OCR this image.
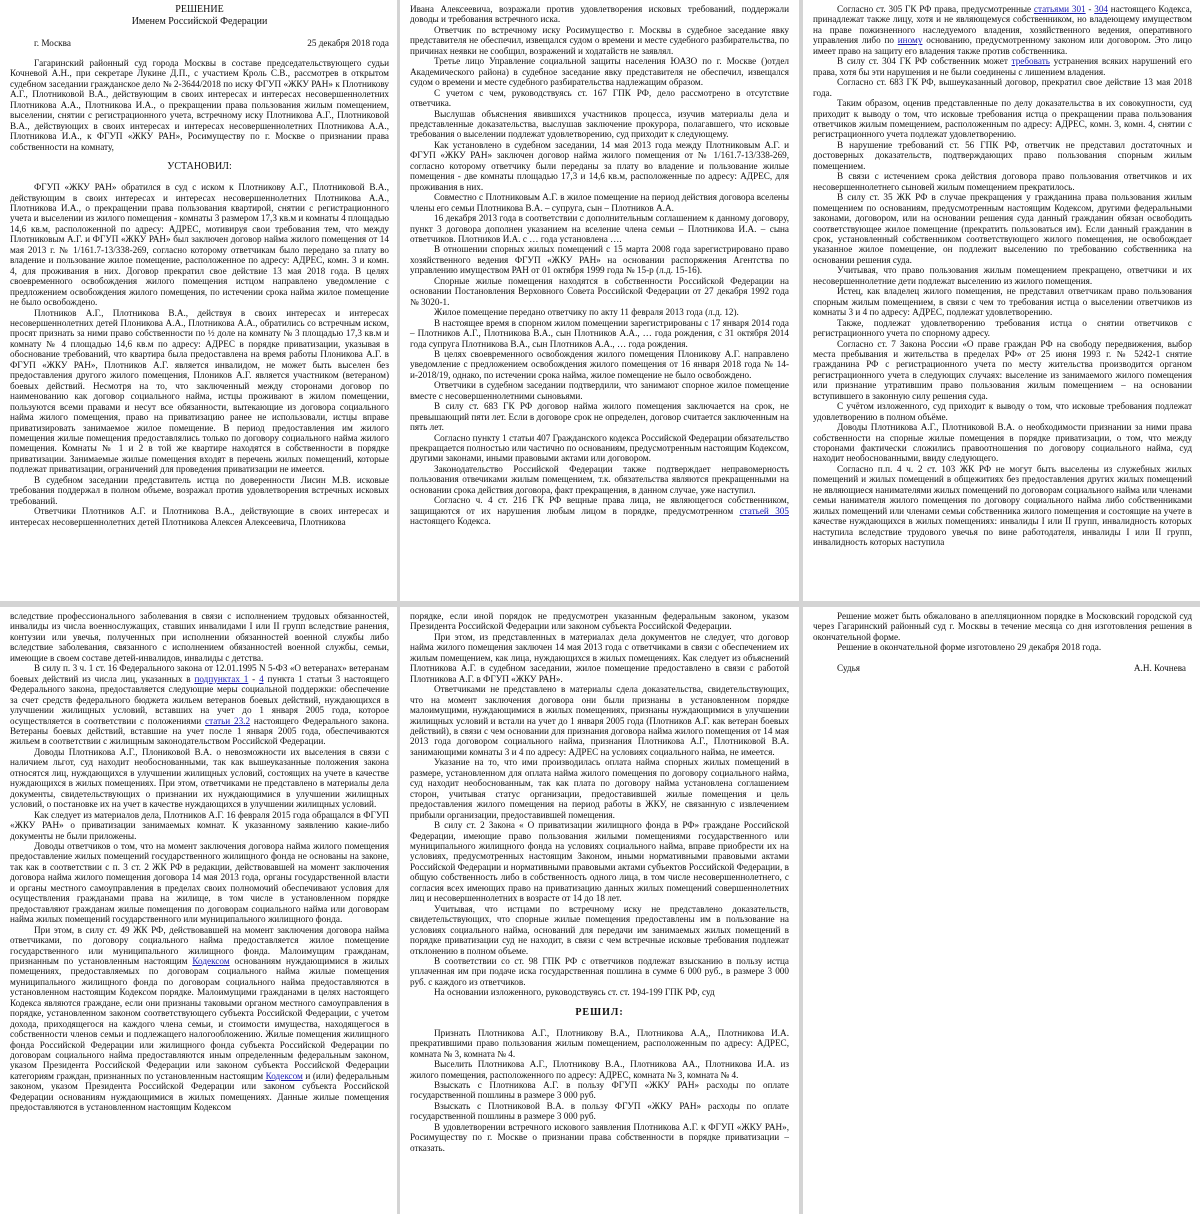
РЕШЕНИЕ

Именем Российской Федерации

г. Москва	25 декабря 2018 года

Гагаринский районный суд города Москвы в составе председательствующего судьи Кочневой А.Н., при секретаре Лукине Д.П., с участием Кроль С.В., рассмотрев в открытом судебном заседании гражданское дело № 2-3644/2018 по иску ФГУП «ЖКУ РАН» к Плотникову А.Г., Плотниковой В.А., действующим в своих интересах и интересах несовершеннолетних Плотникова А.А., Плотникова И.А., о прекращении права пользования жилым помещением, выселении, снятии с регистрационного учета, встречному иску Плотникова А.Г., Плотниковой В.А., действующих в своих интересах и интересах несовершеннолетних Плотникова А.А., Плотникова И.А., к ФГУП «ЖКУ РАН», Росимуществу по г. Москве о признании права собственности на комнату,

УСТАНОВИЛ:

ФГУП «ЖКУ РАН» обратился в суд с иском к Плотникову А.Г., Плотниковой В.А., действующим в своих интересах и интересах несовершеннолетних Плотникова А.А., Плотникова И.А., о прекращении права пользования квартирой, снятии с регистрационного учета и выселении из жилого помещения - комнаты 3 размером 17,3 кв.м и комнаты 4 площадью 14,6 кв.м, расположенной по адресу: АДРЕС, мотивируя свои требования тем, что между Плотниковым А.Г. и ФГУП «ЖКУ РАН» был заключен договор найма жилого помещения от 14 мая 2013 г. № 1/161.7-13/338-269, согласно которому ответчикам было передано за плату во владение и пользование жилое помещение, расположенное по адресу: АДРЕС, комн. 3 и комн. 4, для проживания в них. Договор прекратил свое действие 13 мая 2018 года. В целях своевременного освобождения жилого помещения истцом направлено уведомление с предложением освобождения жилого помещения, по истечении срока найма жилое помещение не было освобождено.

Плотников А.Г., Плотникова В.А., действуя в своих интересах и интересах несовершеннолетних детей Плоникова А.А., Плотникова А.А., обратились со встречным иском, просят признать за ними право собственности по ½ доле на комнату № 3 площадью 17,3 кв.м и комнату № 4 площадью 14,6 кв.м по адресу: АДРЕС в порядке приватизации, указывая в обоснование требований, что квартира была предоставлена на время работы Плоникова А.Г. в ФГУП «ЖКУ РАН», Плотников А.Г. является инвалидом, не может быть выселен без предоставления другого жилого помещения, Плоников А.Г. является участником (ветераном) боевых действий. Несмотря на то, что заключенный между сторонами договор по наименованию как договор социального найма, истцы проживают в жилом помещении, пользуются всеми правами и несут все обязанности, вытекающие из договора социального найма жилого помещения, право на приватизацию ранее не использовали, истцы вправе приватизировать занимаемое жилое помещение. В период предоставления им жилого помещения жилые помещения предоставлялись только по договору социального найма жилого помещения. Комнаты № 1 и 2 в той же квартире находятся в собственности в порядке приватизации. Занимаемые жилые помещения входят в перечень жилых помещений, которые подлежат приватизации, ограничений для проведения приватизации не имеется.

В судебном заседании представитель истца по доверенности Лисин М.В. исковые требования поддержал в полном объеме, возражал против удовлетворения встречных исковых требований.

Ответчики Плотников А.Г. и Плотникова В.А., действующие в своих интересах и интересах несовершеннолетних детей Плотникова Алексея Алексеевича, Плотникова

Ивана Алексеевича, возражали против удовлетворения исковых требований, поддержали доводы и требования встречного иска.

Ответчик по встречному иску Росимущество г. Москвы в судебное заседание явку представителя не обеспечил, извещался судом о времени и месте судебного разбирательства, по причинах неявки не сообщил, возражений и ходатайств не заявлял.

Третье лицо Управление социальной защиты населения ЮАЗО по г. Москве ()отдел Академического района) в судебное заседание явку представителя не обеспечил, извещался судом о времени и месте судебного разбирательства надлежащим образом.

С учетом с чем, руководствуясь ст. 167 ГПК РФ, дело рассмотрено в отсутствие ответчика.

Выслушав объяснения явившихся участников процесса, изучив материалы дела и представленные доказательства, выслушав заключение прокурора, полагавшего, что исковые требования о выселении подлежат удовлетворению, суд приходит к следующему.

Как установлено в судебном заседании, 14 мая 2013 года между Плотниковым А.Г. и ФГУП «ЖКУ РАН» заключен договор найма жилого помещения от № 1/161.7-13/338-269, согласно которому ответчику были переданы за плату во владение и пользование жилые помещения - две комнаты площадью 17,3 и 14,6 кв.м, расположенные по адресу: АДРЕС, для проживания в них.

Совместно с Плотниковым А.Г. в жилое помещение на период действия договора вселены члены его семьи Плотникова В.А. – супруга, сын – Плотников А.А.

16 декабря 2013 года в соответствии с дополнительным соглашением к данному договору, пункт 3 договора дополнен указанием на вселение члена семьи – Плотникова И.А. – сына ответчиков. Плотников И.А. с … года установлена ….

В отношении спорных жилых помещений с 15 марта 2008 года зарегистрировано право хозяйственного ведения ФГУП «ЖКУ РАН» на основании распоряжения Агентства по управлению имуществом РАН от 01 октября 1999 года № 15-р (л.д. 15-16).

Спорные жилые помещения находятся в собственности Российской Федерации на основании Постановления Верховного Совета Российской Федерации от 27 декабря 1992 года № 3020-1.

Жилое помещение передано ответчику по акту 11 февраля 2013 года (л.д. 12).

В настоящее время в спорном жилом помещении зарегистрированы с 17 января 2014 года – Плотников А.Г., Плотникова В.А., сын Плотников А.А., … года рождения, с 31 октября 2014 года супруга Плотникова В.А., сын Плотников А.А., … года рождения.

В целях своевременного освобождения жилого помещения Плоникову А.Г. направлено уведомление с предложением освобождения жилого помещения от 16 января 2018 года № 14-и-2018/19, однако, по истечении срока найма, жилое помещение не было освобождено.

Ответчики в судебном заседании подтвердили, что занимают спорное жилое помещение вместе с несовершеннолетними сыновьями.

В силу ст. 683 ГК РФ договор найма жилого помещения заключается на срок, не превышающий пяти лет. Если в договоре срок не определен, договор считается заключенным на пять лет.

Согласно пункту 1 статьи 407 Гражданского кодекса Российской Федерации обязательство прекращается полностью или частично по основаниям, предусмотренным настоящим Кодексом, другими законами, иными правовыми актами или договором.

Законодательство Российской Федерации также подтверждает неправомерность пользования отвечиками жилым помещением, т.к. обязательства являются прекращенными на основании срока действия договора, факт прекращения, в данном случае, уже наступил.

Согласно ч. 4 ст. 216 ГК РФ вещные права лица, не являющегося собственником, защищаются от их нарушения любым лицом в порядке, предусмотренном статьей 305 настоящего Кодекса.

Согласно ст. 305 ГК РФ права, предусмотренные статьями 301 - 304 настоящего Кодекса, принадлежат также лицу, хотя и не являющемуся собственником, но владеющему имуществом на праве пожизненного наследуемого владения, хозяйственного ведения, оперативного управления либо по иному основанию, предусмотренному законом или договором. Это лицо имеет право на защиту его владения также против собственника.

В силу ст. 304 ГК РФ собственник может требовать устранения всяких нарушений его права, хотя бы эти нарушения и не были соединены с лишением владения.

Согласно ст. 683 ГК РФ, вышеуказанный договор, прекратил свое действие 13 мая 2018 года.

Таким образом, оценив представленные по делу доказательства в их совокупности, суд приходит к выводу о том, что исковые требования истца о прекращении права пользования ответчиков жилым помещением, расположенным по адресу: АДРЕС, комн. 3, комн. 4, снятии с регистрационного учета подлежат удовлетворению.

В нарушение требований ст. 56 ГПК РФ, ответчик не представил достаточных и достоверных доказательств, подтверждающих право пользования спорным жилым помещением.

В связи с истечением срока действия договора право пользования ответчиков и их несовершеннолетнего сыновей жилым помещением прекратилось.

В силу ст. 35 ЖК РФ в случае прекращения у гражданина права пользования жилым помещением по основаниям, предусмотренным настоящим Кодексом, другими федеральными законами, договором, или на основании решения суда данный гражданин обязан освободить соответствующее жилое помещение (прекратить пользоваться им). Если данный гражданин в срок, установленный собственником соответствующего жилого помещения, не освобождает указанное жилое помещение, он подлежит выселению по требованию собственника на основании решения суда.

Учитывая, что право пользования жилым помещением прекращено, ответчики и их несовершеннолетние дети подлежат выселению из жилого помещения.

Истец, как владелец жилого помещения, не представил ответчикам право пользования спорным жилым помещением, в связи с чем то требования истца о выселении ответчиков из комнаты 3 и 4 по адресу: АДРЕС, подлежат удовлетворению.

Также, подлежат удовлетворению требования истца о снятии ответчиков с регистрационного учета по спорному адресу.

Согласно ст. 7 Закона России «О праве граждан РФ на свободу передвижения, выбор места пребывания и жительства в пределах РФ» от 25 июня 1993 г. № 5242-1 снятие гражданина РФ с регистрационного учета по месту жительства производится органом регистрационного учета в следующих случаях: выселение из занимаемого жилого помещения или признание утратившим право пользования жилым помещением – на основании вступившего в законную силу решения суда.

С учётом изложенного, суд приходит к выводу о том, что исковые требования подлежат удовлетворению в полном объёме.

Доводы Плотникова А.Г., Плотниковой В.А. о необходимости признании за ними права собственности на спорные жилые помещения в порядке приватизации, о том, что между сторонами фактически сложились правоотношения по договору социального найма, суд находит необоснованными, ввиду следующего.

Согласно п.п. 4 ч. 2 ст. 103 ЖК РФ не могут быть выселены из служебных жилых помещений и жилых помещений в общежитиях без предоставления других жилых помещений не являющиеся нанимателями жилых помещений по договорам социального найма или членами семьи нанимателя жилого помещения по договору социального найма либо собственниками жилых помещений или членами семьи собственника жилого помещения и состоящие на учете в качестве нуждающихся в жилых помещениях: инвалиды I или II групп, инвалидность которых наступила вследствие трудового увечья по вине работодателя, инвалиды I или II групп, инвалидность которых наступила

вследствие профессионального заболевания в связи с исполнением трудовых обязанностей, инвалиды из числа военнослужащих, ставших инвалидами I или II групп вследствие ранения, контузии или увечья, полученных при исполнении обязанностей военной службы либо вследствие заболевания, связанного с исполнением обязанностей военной службы, семьи, имеющие в своем составе детей-инвалидов, инвалиды с детства.

В силу п. 3 ч. 1 ст. 16 Федерального закона от 12.01.1995 N 5-ФЗ «О ветеранах» ветеранам боевых действий из числа лиц, указанных в подпунктах 1 - 4 пункта 1 статьи 3 настоящего Федерального закона, предоставляется следующие меры социальной поддержки: обеспечение за счет средств федерального бюджета жильем ветеранов боевых действий, нуждающихся в улучшении жилищных условий, вставших на учет до 1 января 2005 года, которое осуществляется в соответствии с положениями статьи 23.2 настоящего Федерального закона. Ветераны боевых действий, вставшие на учет после 1 января 2005 года, обеспечиваются жильем в соответствии с жилищным законодательством Российской Федерации.

Доводы Плотникова А.Г., Плониковой В.А. о невозможности их выселения в связи с наличием льгот, суд находит необоснованными, так как вышеуказанные положения закона относятся лиц, нуждающихся в улучшении жилищных условий, состоящих на учете в качестве нуждающихся в жилых помещениях. При этом, ответчиками не представлено в материалы дела документы, свидетельствующих о признании их нуждающимися в улучшении жилищных условий, о постановке их на учет в качестве нуждающихся в улучшении жилищных условий.

Как следует из материалов дела, Плотников А.Г. 16 февраля 2015 года обращался в ФГУП «ЖКУ РАН» о приватизации занимаемых комнат. К указанному заявлению какие-либо документы не были приложены.

Доводы ответчиков о том, что на момент заключения договора найма жилого помещения предоставление жилых помещений государственного жилищного фонда не основаны на законе, так как в соответствии с п. 3 ст. 2 ЖК РФ в редакции, действовавшей на момент заключения договора найма жилого помещения договора 14 мая 2013 года, органы государственной власти и органы местного самоуправления в пределах своих полномочий обеспечивают условия для осуществления гражданами права на жилище, в том числе в установленном порядке предоставляют гражданам жилые помещения по договорам социального найма или договорам найма жилых помещений государственного или муниципального жилищного фонда.

При этом, в силу ст. 49 ЖК РФ, действовавшей на момент заключения договора найма ответчиками, по договору социального найма предоставляется жилое помещение государственного или муниципального жилищного фонда. Малоимущим гражданам, признанным по установленным настоящим Кодексом основаниям нуждающимися в жилых помещениях, предоставляемых по договорам социального найма жилые помещения муниципального жилищного фонда по договорам социального найма предоставляются в установленном настоящим Кодексом порядке. Малоимущими гражданами в целях настоящего Кодекса являются граждане, если они признаны таковыми органом местного самоуправления в порядке, установленном законом соответствующего субъекта Российской Федерации, с учетом дохода, приходящегося на каждого члена семьи, и стоимости имущества, находящегося в собственности членов семьи и подлежащего налогообложению. Жилые помещения жилищного фонда Российской Федерации или жилищного фонда субъекта Российской Федерации по договорам социального найма предоставляются иным определенным федеральным законом, указом Президента Российской Федерации или законом субъекта Российской Федерации категориям граждан, признанных по установленным настоящим Кодексом и (или) федеральным законом, указом Президента Российской Федерации или законом субъекта Российской Федерации основаниям нуждающимися в жилых помещениях. Данные жилые помещения предоставляются в установленном настоящим Кодексом

порядке, если иной порядок не предусмотрен указанным федеральным законом, указом Президента Российской Федерации или законом субъекта Российской Федерации.

При этом, из представленных в материалах дела документов не следует, что договор найма жилого помещения заключен 14 мая 2013 года с ответчиками в связи с обеспечением их жилым помещением, как лица, нуждающихся в жилых помещениях. Как следует из объяснений Плотникова А.Г. в судебном заседании, жилое помещение предоставлено в связи с работой Плотникова А.Г. в ФГУП «ЖКУ РАН».

Ответчиками не представлено в материалы сдела доказательства, свидетельствующих, что на момент заключения договора они были признаны в установленном порядке малоимущими, нуждающимися в жилых помещениях, признаны нуждающимися в улучшении жилищных условий и встали на учет до 1 января 2005 года (Плотников А.Г. как ветеран боевых действий), в связи с чем основании для признания договора найма жилого помещения от 14 мая 2013 года договором социального найма, признания Плотникова А.Г., Плотниковой В.А. занимающими комнаты 3 и 4 по адресу: АДРЕС на условиях социального найма, не имеется.

Указание на то, что ими производилась оплата найма спорных жилых помещений в размере, установленном для оплата найма жилого помещения по договору социального найма, суд находит необоснованным, так как плата по договору найма установлена соглашением сторон, учитывая статус организации, предоставившей жилые помещения и цель предоставления жилого помещения на период работы в ЖКУ, не связанную с извлечением прибыли организации, предоставившей помещения.

В силу ст. 2 Закона « О приватизации жилищного фонда в РФ» граждане Российской Федерации, имеющие право пользования жилыми помещениями государственного или муниципального жилищного фонда на условиях социального найма, вправе приобрести их на условиях, предусмотренных настоящим Законом, иными нормативными правовыми актами Российской Федерации и нормативными правовыми актами субъектов Российской Федерации, в общую собственность либо в собственность одного лица, в том числе несовершеннолетнего, с согласия всех имеющих право на приватизацию данных жилых помещений совершеннолетних лиц и несовершеннолетних в возрасте от 14 до 18 лет.

Учитывая, что истцами по встречному иску не представлено доказательств, свидетельствующих, что спорные жилые помещения предоставлены им в пользование на условиях социального найма, оснований для передачи им занимаемых жилых помещений в порядке приватизации суд не находит, в связи с чем встречные исковые требования подлежат отклонению в полном объеме.

В соответствии со ст. 98 ГПК РФ с ответчиков подлежат взысканию в пользу истца уплаченная им при подаче иска государственная пошлина в сумме 6 000 руб., в размере 3 000 руб. с каждого из ответчиков.

На основании изложенного, руководствуясь ст. ст. 194-199 ГПК РФ, суд

РЕШИЛ:

Признать Плотникова А.Г., Плотникову В.А., Плотникова А.А,, Плотникова И.А. прекратившими право пользования жилым помещением, расположенным по адресу: АДРЕС, комната № 3, комната № 4.

Выселить Плотникова А.Г., Плотникову В.А., Плотникова АА., Плотникова И.А. из жилого помещения, расположенного по адресу: АДРЕС, комната № 3, комната № 4.

Взыскать с Плотникова А.Г. в пользу ФГУП «ЖКУ РАН» расходы по оплате государственной пошлины в размере 3 000 руб.

Взыскать с Плотниковой В.А. в пользу ФГУП «ЖКУ РАН» расходы по оплате государственной пошлины в размере 3 000 руб.

В удовлетворении встречного искового заявления Плотникова А.Г. к ФГУП «ЖКУ РАН», Росимуществу по г. Москве о признании права собственности в порядке приватизации – отказать.

Решение может быть обжаловано в апелляционном порядке в Московский городской суд через Гагаринский районный суд г. Москвы в течение месяца со дня изготовления решения в окончательной форме.

Решение в окончательной форме изготовлено 29 декабря 2018 года.

Судья	А.Н. Кочнева
